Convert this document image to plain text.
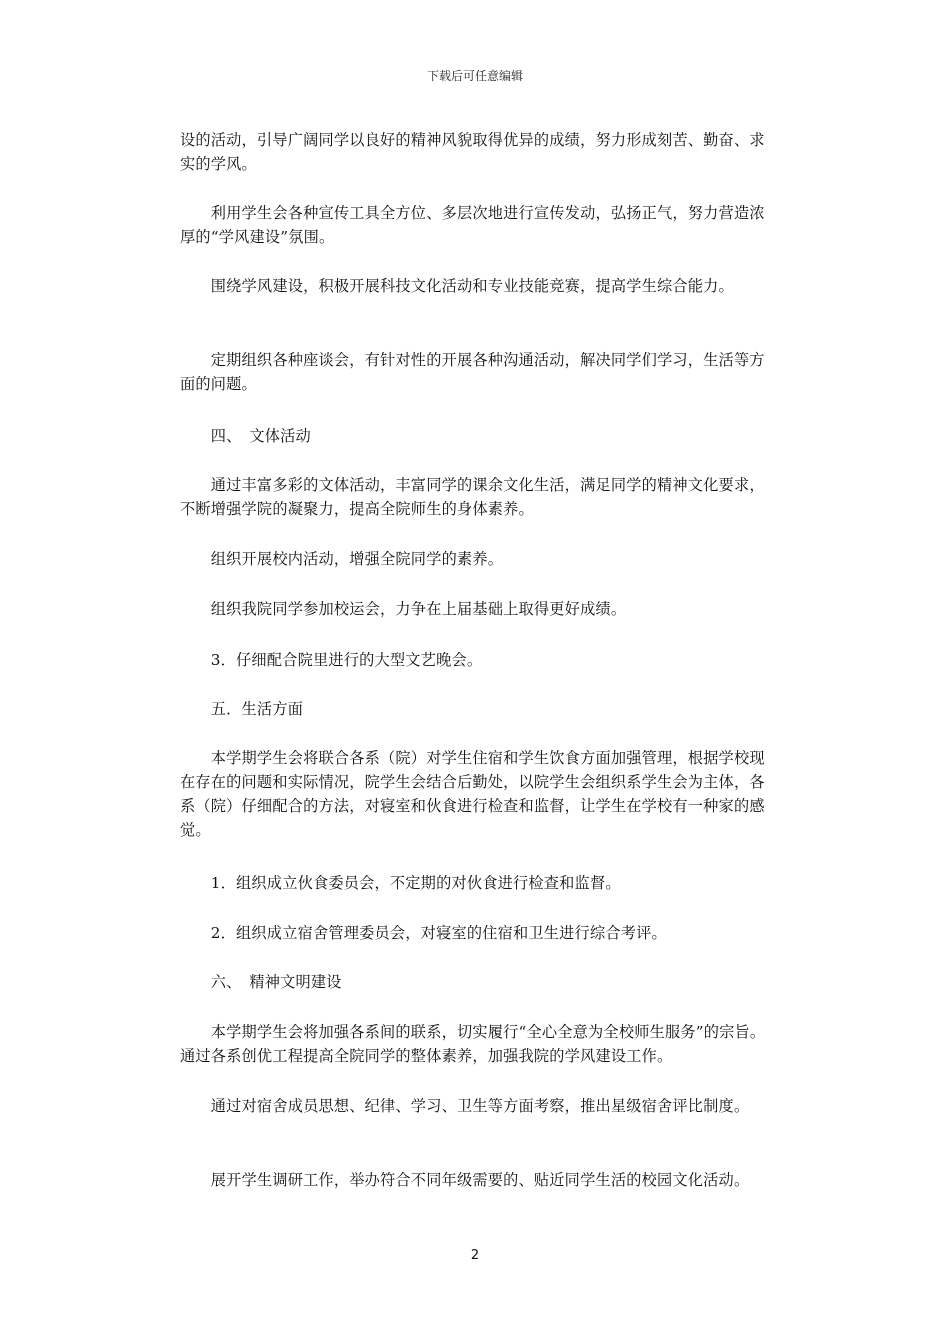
下载后可任意编辑

设的活动，引导广阔同学以良好的精神风貌取得优异的成绩，努力形成刻苦、勤奋、求实的学风。

　　利用学生会各种宣传工具全方位、多层次地进行宣传发动，弘扬正气，努力营造浓厚的“学风建设”氛围。

　　围绕学风建设，积极开展科技文化活动和专业技能竞赛，提高学生综合能力。

　　定期组织各种座谈会，有针对性的开展各种沟通活动，解决同学们学习，生活等方面的问题。

　　四、　文体活动

　　通过丰富多彩的文体活动，丰富同学的课余文化生活，满足同学的精神文化要求，不断增强学院的凝聚力，提高全院师生的身体素养。

　　组织开展校内活动，增强全院同学的素养。

　　组织我院同学参加校运会，力争在上届基础上取得更好成绩。

　　3．仔细配合院里进行的大型文艺晚会。

　　五．生活方面

　　本学期学生会将联合各系（院）对学生住宿和学生饮食方面加强管理，根据学校现在存在的问题和实际情况，院学生会结合后勤处，以院学生会组织系学生会为主体，各系（院）仔细配合的方法，对寝室和伙食进行检查和监督，让学生在学校有一种家的感觉。

　　1．组织成立伙食委员会，不定期的对伙食进行检查和监督。

　　2．组织成立宿舍管理委员会，对寝室的住宿和卫生进行综合考评。

　　六、　精神文明建设

　　本学期学生会将加强各系间的联系，切实履行“全心全意为全校师生服务”的宗旨。通过各系创优工程提高全院同学的整体素养，加强我院的学风建设工作。

　　通过对宿舍成员思想、纪律、学习、卫生等方面考察，推出星级宿舍评比制度。

　　展开学生调研工作，举办符合不同年级需要的、贴近同学生活的校园文化活动。

2
